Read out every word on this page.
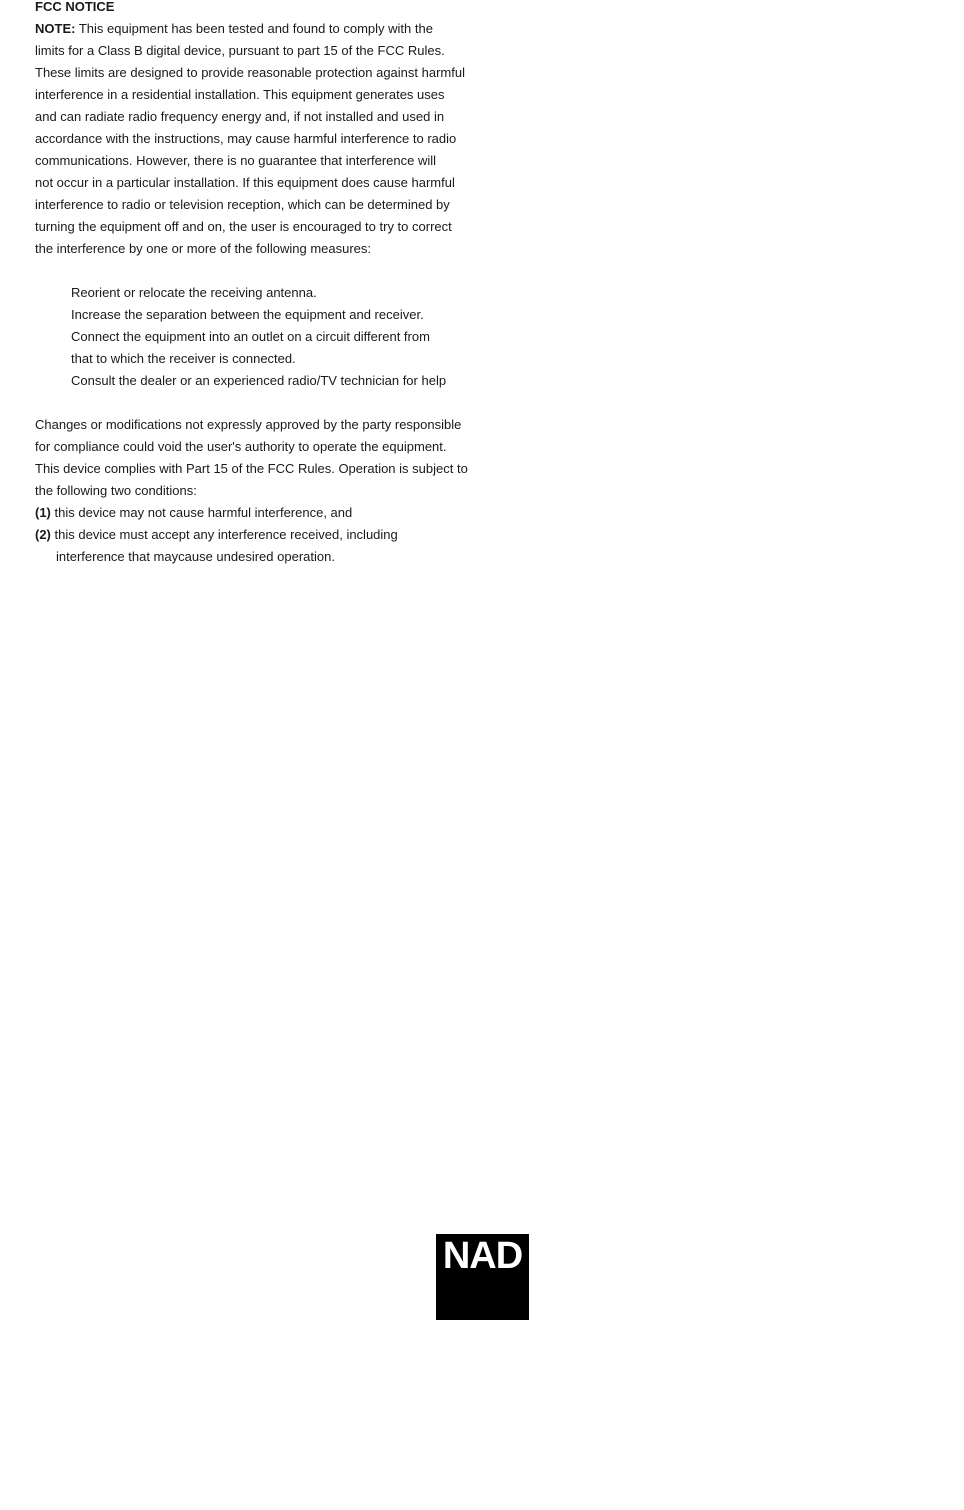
FCC NOTICE
NOTE: This equipment has been tested and found to comply with the
limits for a Class B digital device, pursuant to part 15 of the FCC Rules.
These limits are designed to provide reasonable protection against harmful
interference in a residential installation. This equipment generates uses
and can radiate radio frequency energy and, if not installed and used in
accordance with the instructions, may cause harmful interference to radio
communications. However, there is no guarantee that interference will
not occur in a particular installation. If this equipment does cause harmful
interference to radio or television reception, which can be determined by
turning the equipment off and on, the user is encouraged to try to correct
the interference by one or more of the following measures:
Reorient or relocate the receiving antenna.
Increase the separation between the equipment and receiver.
Connect the equipment into an outlet on a circuit different from
that to which the receiver is connected.
Consult the dealer or an experienced radio/TV technician for help
Changes or modifications not expressly approved by the party responsible
for compliance could void the user's authority to operate the equipment.
This device complies with Part 15 of the FCC Rules. Operation is subject to
the following two conditions:
(1) this device may not cause harmful interference, and
(2) this device must accept any interference received, including
interference that maycause undesired operation.
NAD
